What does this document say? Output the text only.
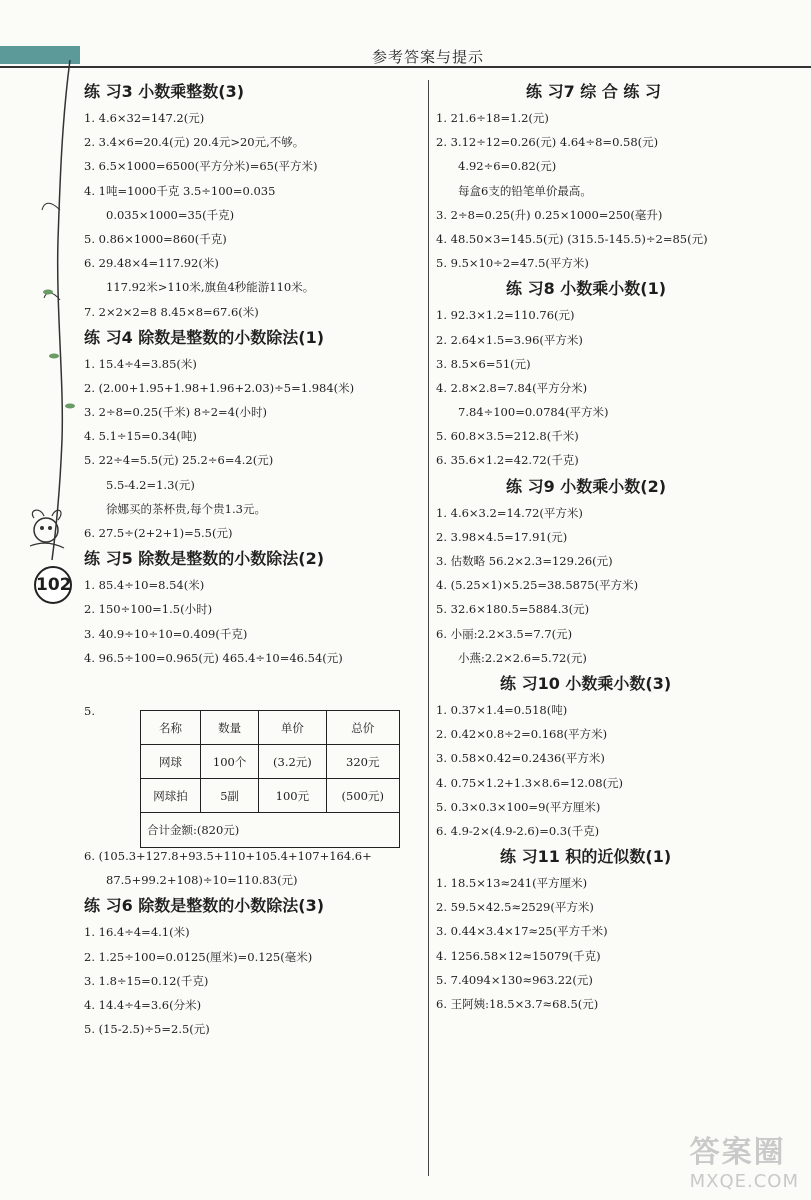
参考答案与提示
102
练 习3 小数乘整数(3)
1. 4.6×32=147.2(元)
2. 3.4×6=20.4(元) 20.4元>20元,不够。
3. 6.5×1000=6500(平方分米)=65(平方米)
4. 1吨=1000千克 3.5÷100=0.035
0.035×1000=35(千克)
5. 0.86×1000=860(千克)
6. 29.48×4=117.92(米)
117.92米>110米,旗鱼4秒能游110米。
7. 2×2×2=8 8.45×8=67.6(米)
练 习4 除数是整数的小数除法(1)
1. 15.4÷4=3.85(米)
2. (2.00+1.95+1.98+1.96+2.03)÷5=1.984(米)
3. 2÷8=0.25(千米) 8÷2=4(小时)
4. 5.1÷15=0.34(吨)
5. 22÷4=5.5(元) 25.2÷6=4.2(元)
5.5-4.2=1.3(元)
徐娜买的茶杯贵,每个贵1.3元。
6. 27.5÷(2+2+1)=5.5(元)
练 习5 除数是整数的小数除法(2)
1. 85.4÷10=8.54(米)
2. 150÷100=1.5(小时)
3. 40.9÷10÷10=0.409(千克)
4. 96.5÷100=0.965(元) 465.4÷10=46.54(元)
5.
名称	数量	单价	总价
网球	100个	(3.2元)	320元
网球拍	5副	100元	(500元)
合计金额:(820元)			
6. (105.3+127.8+93.5+110+105.4+107+164.6+
87.5+99.2+108)÷10=110.83(元)
练 习6 除数是整数的小数除法(3)
1. 16.4÷4=4.1(米)
2. 1.25÷100=0.0125(厘米)=0.125(毫米)
3. 1.8÷15=0.12(千克)
4. 14.4÷4=3.6(分米)
5. (15-2.5)÷5=2.5(元)
练 习7 综 合 练 习
1. 21.6÷18=1.2(元)
2. 3.12÷12=0.26(元) 4.64÷8=0.58(元)
4.92÷6=0.82(元)
每盒6支的铅笔单价最高。
3. 2÷8=0.25(升) 0.25×1000=250(毫升)
4. 48.50×3=145.5(元) (315.5-145.5)÷2=85(元)
5. 9.5×10÷2=47.5(平方米)
练 习8 小数乘小数(1)
1. 92.3×1.2=110.76(元)
2. 2.64×1.5=3.96(平方米)
3. 8.5×6=51(元)
4. 2.8×2.8=7.84(平方分米)
7.84÷100=0.0784(平方米)
5. 60.8×3.5=212.8(千米)
6. 35.6×1.2=42.72(千克)
练 习9 小数乘小数(2)
1. 4.6×3.2=14.72(平方米)
2. 3.98×4.5=17.91(元)
3. 估数略 56.2×2.3=129.26(元)
4. (5.25×1)×5.25=38.5875(平方米)
5. 32.6×180.5=5884.3(元)
6. 小丽:2.2×3.5=7.7(元)
小燕:2.2×2.6=5.72(元)
练 习10 小数乘小数(3)
1. 0.37×1.4=0.518(吨)
2. 0.42×0.8÷2=0.168(平方米)
3. 0.58×0.42=0.2436(平方米)
4. 0.75×1.2+1.3×8.6=12.08(元)
5. 0.3×0.3×100=9(平方厘米)
6. 4.9-2×(4.9-2.6)=0.3(千克)
练 习11 积的近似数(1)
1. 18.5×13≈241(平方厘米)
2. 59.5×42.5≈2529(平方米)
3. 0.44×3.4×17≈25(平方千米)
4. 1256.58×12≈15079(千克)
5. 7.4094×130≈963.22(元)
6. 王阿姨:18.5×3.7≈68.5(元)
答案圈
MXQE.COM
